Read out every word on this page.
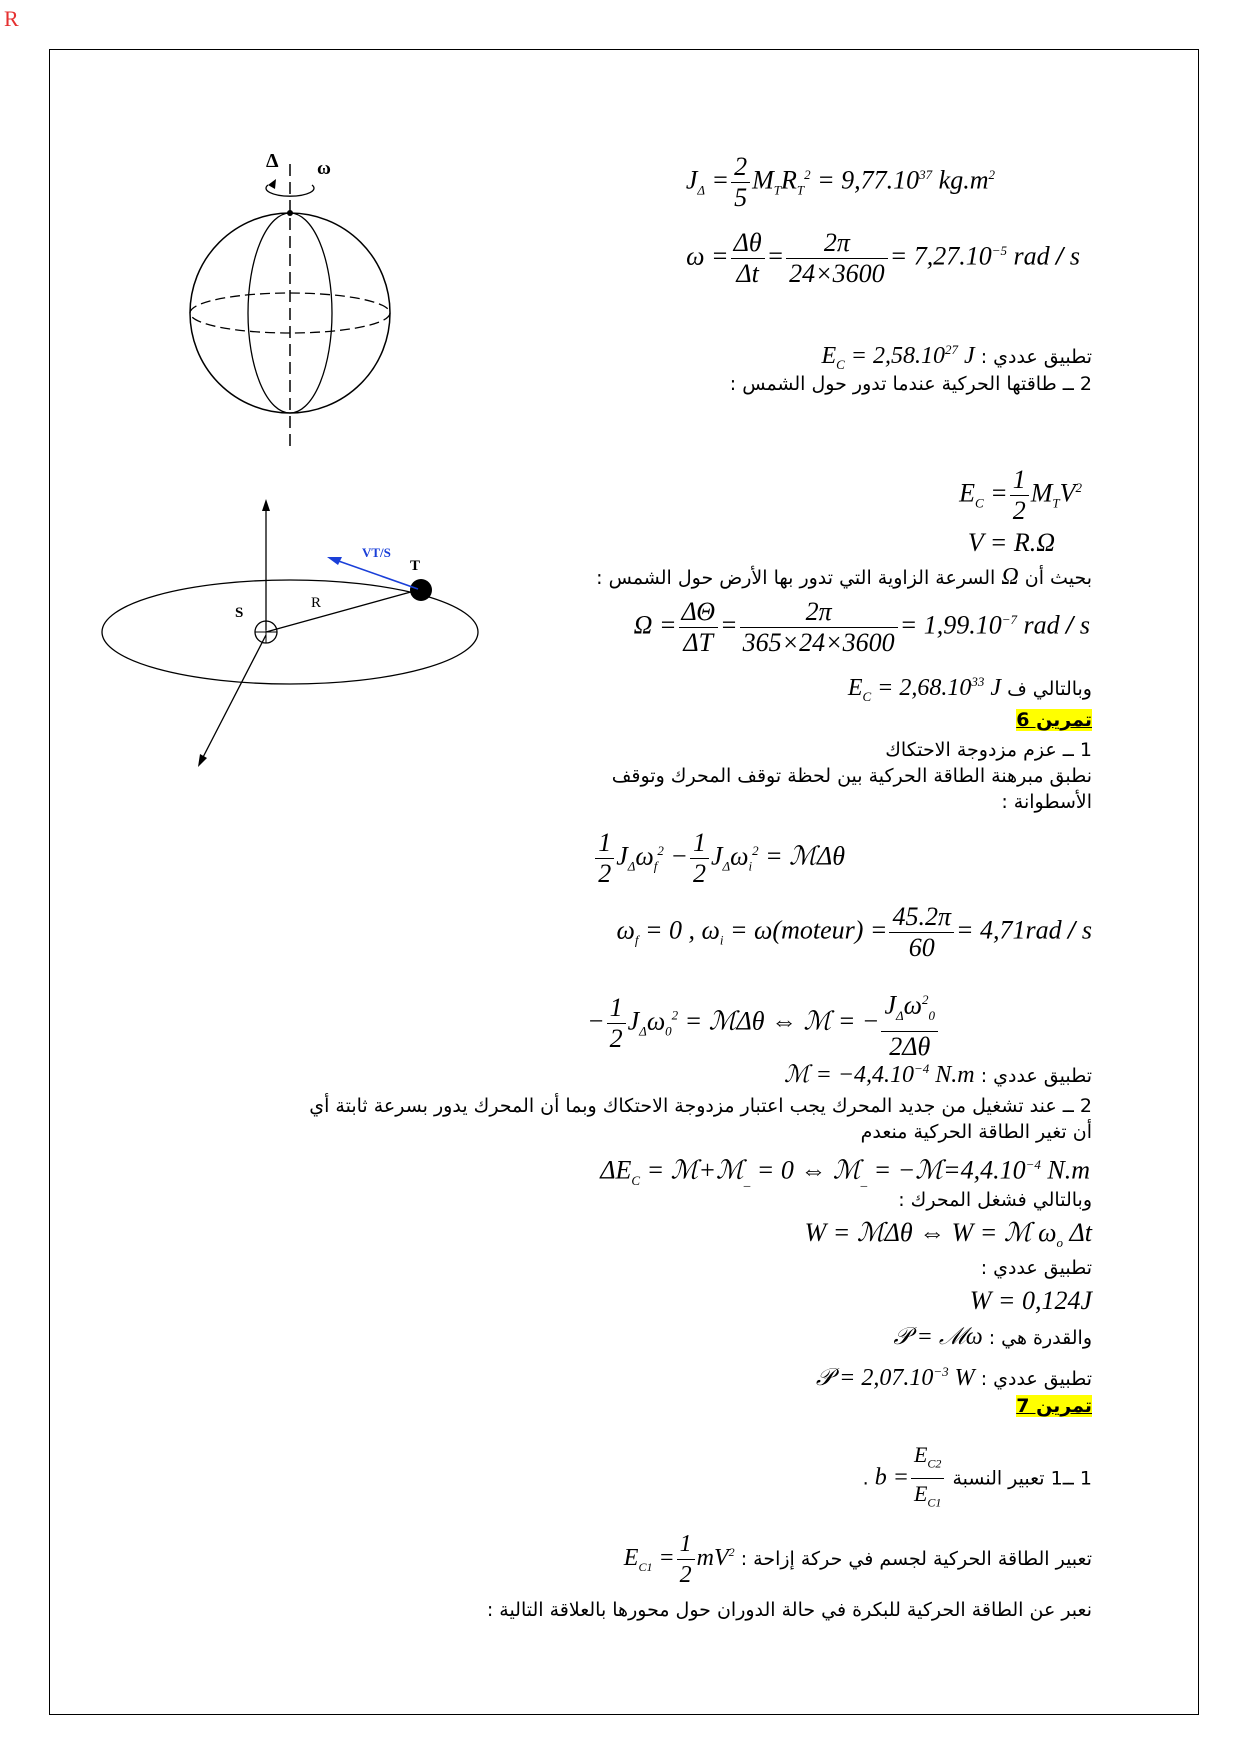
R
Δ ω
VT/S
T
S
R
$J_\Delta = \frac{2}{5} M_TR_T^2 = 9,77.10^{37}$ $kg.m^2$
$\omega = \frac{\Delta\theta}{\Delta t} = \frac{2\pi}{24\times 3600} = 7,27.10^{-5}$ rad / s
تطبيق عددي : $E_C = 2,58.10^{27}$ J
2 ــ طاقتها الحركية عندما تدور حول الشمس :
$E_C = \frac{1}{2} M_TV^2$
V = R.Ω
بحيث أن Ω السرعة الزاوية التي تدور بها الأرض حول الشمس :
$\Omega = \frac{\Delta\Theta}{\Delta T} = \frac{2\pi}{365\times 24\times 3600} = 1,99.10^{-7}$ rad / s
وبالتالي ف $E_C = 2,68.10^{33}$ J
تمرين 6
1 ــ عزم مزدوجة الاحتكاك
نطبق مبرهنة الطاقة الحركية بين لحظة توقف المحرك وتوقف
الأسطوانة :
$\frac{1}{2} J_\Delta\omega_f^2 - \frac{1}{2} J_\Delta\omega_i^2$ = ℳΔθ
$\omega_f = 0$ , $\omega_i$ = ω(moteur) = $\frac{45.2\pi}{60} = 4,71rad / s$
− $\frac{1}{2} J_\Delta\omega_0^2$ = ℳΔθ ⇔ ℳ = − $\frac{J_\Delta\omega^2_0}{2\Delta\theta}$
تطبيق عددي : ℳ = $-4,4.10^{-4}$ N.m
2 ــ عند تشغيل من جديد المحرك يجب اعتبار مزدوجة الاحتكاك وبما أن المحرك يدور بسرعة ثابتة أي
أن تغير الطاقة الحركية منعدم
$\Delta E_C$ = ℳ+ℳ$_{\_}$ = 0 ⇔ ℳ$_{\_}$ = $-ℳ=4,4.10^{-4}$ N.m
وبالتالي فشغل المحرك :
W = ℳΔθ ⇔ W = ℳ $\omega_o$ Δt
تطبيق عددي :
W = 0,124J
والقدرة هي : 𝒫 = ℳω
تطبيق عددي : 𝒫 = $2,07.10^{-3}$ W
تمرين 7
1 ــ1 تعبير النسبة $b = \frac{E_{C2}}{E_{C1}}$
.
تعبير الطاقة الحركية لجسم في حركة إزاحة : $E_{C1} = \frac{1}{2} mV^2$
نعبر عن الطاقة الحركية للبكرة في حالة الدوران حول محورها بالعلاقة التالية :
